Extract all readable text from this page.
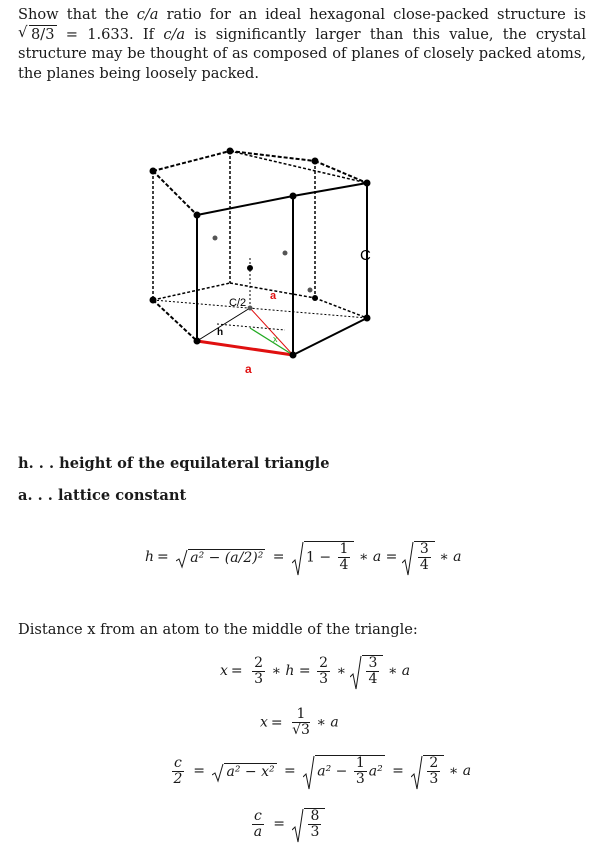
Show that the c/a ratio for an ideal hexagonal close-packed structure is
√ 8/3 = 1.633. If c/a is significantly larger than this value, the crystal structure may be thought of as composed of planes of closely packed atoms, the planes being loosely packed.
C
C/2
a
a
h
x
h. . . height of the equilateral triangle
a. . . lattice constant
$h = a^2 - (a/2)^2 = 1 - \frac{1}{4}$ ∗ $a = \frac{3}{4}$ ∗ a
Distance x from an atom to the middle of the triangle:
$x = \frac{2}{3}$ ∗ $h = \frac{2}{3}$ ∗ $\frac{3}{4}$ ∗ a
$x = \frac{1}{√3}$ ∗ a
$\frac{c}{2} = a^2 - x^2 = a^2 - \frac{1}{3} a^2 = \frac{2}{3}$ ∗ a
$\frac{c}{a} = \frac{8}{3}$
